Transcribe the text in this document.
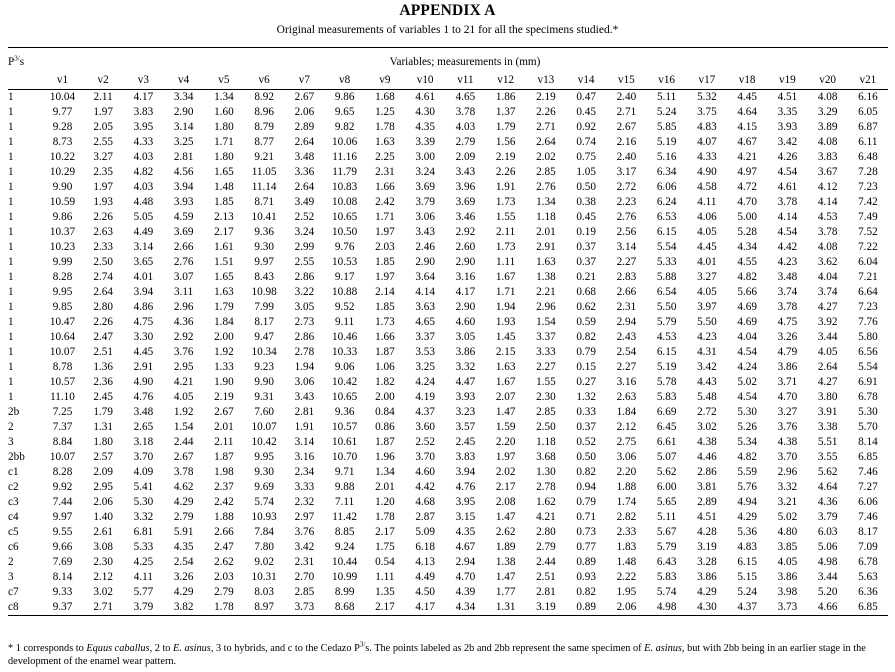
APPENDIX A
Original measurements of variables 1 to 21 for all the specimens studied.*
$P^{3/}s$	Variables; measurements in (mm)																				
	v1	v2	v3	v4	v5	v6	v7	v8	v9	v10	v11	v12	v13	v14	v15	v16	v17	v18	v19	v20	v21
1	10.04	2.11	4.17	3.34	1.34	8.92	2.67	9.86	1.68	4.61	4.65	1.86	2.19	0.47	2.40	5.11	5.32	4.45	4.51	4.08	6.16
1	9.77	1.97	3.83	2.90	1.60	8.96	2.06	9.65	1.25	4.30	3.78	1.37	2.26	0.45	2.71	5.24	3.75	4.64	3.35	3.29	6.05
1	9.28	2.05	3.95	3.14	1.80	8.79	2.89	9.82	1.78	4.35	4.03	1.79	2.71	0.92	2.67	5.85	4.83	4.15	3.93	3.89	6.87
1	8.73	2.55	4.33	3.25	1.71	8.77	2.64	10.06	1.63	3.39	2.79	1.56	2.64	0.74	2.16	5.19	4.07	4.67	3.42	4.08	6.11
1	10.22	3.27	4.03	2.81	1.80	9.21	3.48	11.16	2.25	3.00	2.09	2.19	2.02	0.75	2.40	5.16	4.33	4.21	4.26	3.83	6.48
1	10.29	2.35	4.82	4.56	1.65	11.05	3.36	11.79	2.31	3.24	3.43	2.26	2.85	1.05	3.17	6.34	4.90	4.97	4.54	3.67	7.28
1	9.90	1.97	4.03	3.94	1.48	11.14	2.64	10.83	1.66	3.69	3.96	1.91	2.76	0.50	2.72	6.06	4.58	4.72	4.61	4.12	7.23
1	10.59	1.93	4.48	3.93	1.85	8.71	3.49	10.08	2.42	3.79	3.69	1.73	1.34	0.38	2.23	6.24	4.11	4.70	3.78	4.14	7.42
1	9.86	2.26	5.05	4.59	2.13	10.41	2.52	10.65	1.71	3.06	3.46	1.55	1.18	0.45	2.76	6.53	4.06	5.00	4.14	4.53	7.49
1	10.37	2.63	4.49	3.69	2.17	9.36	3.24	10.50	1.97	3.43	2.92	2.11	2.01	0.19	2.56	6.15	4.05	5.28	4.54	3.78	7.52
1	10.23	2.33	3.14	2.66	1.61	9.30	2.99	9.76	2.03	2.46	2.60	1.73	2.91	0.37	3.14	5.54	4.45	4.34	4.42	4.08	7.22
1	9.99	2.50	3.65	2.76	1.51	9.97	2.55	10.53	1.85	2.90	2.90	1.11	1.63	0.37	2.27	5.33	4.01	4.55	4.23	3.62	6.04
1	8.28	2.74	4.01	3.07	1.65	8.43	2.86	9.17	1.97	3.64	3.16	1.67	1.38	0.21	2.83	5.88	3.27	4.82	3.48	4.04	7.21
1	9.95	2.64	3.94	3.11	1.63	10.98	3.22	10.88	2.14	4.14	4.17	1.71	2.21	0.68	2.66	6.54	4.05	5.66	3.74	3.74	6.64
1	9.85	2.80	4.86	2.96	1.79	7.99	3.05	9.52	1.85	3.63	2.90	1.94	2.96	0.62	2.31	5.50	3.97	4.69	3.78	4.27	7.23
1	10.47	2.26	4.75	4.36	1.84	8.17	2.73	9.11	1.73	4.65	4.60	1.93	1.54	0.59	2.94	5.79	5.50	4.69	4.75	3.92	7.76
1	10.64	2.47	3.30	2.92	2.00	9.47	2.86	10.46	1.66	3.37	3.05	1.45	3.37	0.82	2.43	4.53	4.23	4.04	3.26	3.44	5.80
1	10.07	2.51	4.45	3.76	1.92	10.34	2.78	10.33	1.87	3.53	3.86	2.15	3.33	0.79	2.54	6.15	4.31	4.54	4.79	4.05	6.56
1	8.78	1.36	2.91	2.95	1.33	9.23	1.94	9.06	1.06	3.25	3.32	1.63	2.27	0.15	2.27	5.19	3.42	4.24	3.86	2.64	5.54
1	10.57	2.36	4.90	4.21	1.90	9.90	3.06	10.42	1.82	4.24	4.47	1.67	1.55	0.27	3.16	5.78	4.43	5.02	3.71	4.27	6.91
1	11.10	2.45	4.76	4.05	2.19	9.31	3.43	10.65	2.00	4.19	3.93	2.07	2.30	1.32	2.63	5.83	5.48	4.54	4.70	3.80	6.78
2b	7.25	1.79	3.48	1.92	2.67	7.60	2.81	9.36	0.84	4.37	3.23	1.47	2.85	0.33	1.84	6.69	2.72	5.30	3.27	3.91	5.30
2	7.37	1.31	2.65	1.54	2.01	10.07	1.91	10.57	0.86	3.60	3.57	1.59	2.50	0.37	2.12	6.45	3.02	5.26	3.76	3.38	5.70
3	8.84	1.80	3.18	2.44	2.11	10.42	3.14	10.61	1.87	2.52	2.45	2.20	1.18	0.52	2.75	6.61	4.38	5.34	4.38	5.51	8.14
2bb	10.07	2.57	3.70	2.67	1.87	9.95	3.16	10.70	1.96	3.70	3.83	1.97	3.68	0.50	3.06	5.07	4.46	4.82	3.70	3.55	6.85
c1	8.28	2.09	4.09	3.78	1.98	9.30	2.34	9.71	1.34	4.60	3.94	2.02	1.30	0.82	2.20	5.62	2.86	5.59	2.96	5.62	7.46
c2	9.92	2.95	5.41	4.62	2.37	9.69	3.33	9.88	2.01	4.42	4.76	2.17	2.78	0.94	1.88	6.00	3.81	5.76	3.32	4.64	7.27
c3	7.44	2.06	5.30	4.29	2.42	5.74	2.32	7.11	1.20	4.68	3.95	2.08	1.62	0.79	1.74	5.65	2.89	4.94	3.21	4.36	6.06
c4	9.97	1.40	3.32	2.79	1.88	10.93	2.97	11.42	1.78	2.87	3.15	1.47	4.21	0.71	2.82	5.11	4.51	4.29	5.02	3.79	7.46
c5	9.55	2.61	6.81	5.91	2.66	7.84	3.76	8.85	2.17	5.09	4.35	2.62	2.80	0.73	2.33	5.67	4.28	5.36	4.80	6.03	8.17
c6	9.66	3.08	5.33	4.35	2.47	7.80	3.42	9.24	1.75	6.18	4.67	1.89	2.79	0.77	1.83	5.79	3.19	4.83	3.85	5.06	7.09
2	7.69	2.30	4.25	2.54	2.62	9.02	2.31	10.44	0.54	4.13	2.94	1.38	2.44	0.89	1.48	6.43	3.28	6.15	4.05	4.98	6.78
3	8.14	2.12	4.11	3.26	2.03	10.31	2.70	10.99	1.11	4.49	4.70	1.47	2.51	0.93	2.22	5.83	3.86	5.15	3.86	3.44	5.63
c7	9.33	3.02	5.77	4.29	2.79	8.03	2.85	8.99	1.35	4.50	4.39	1.77	2.81	0.82	1.95	5.74	4.29	5.24	3.98	5.20	6.36
c8	9.37	2.71	3.79	3.82	1.78	8.97	3.73	8.68	2.17	4.17	4.34	1.31	3.19	0.89	2.06	4.98	4.30	4.37	3.73	4.66	6.85
* 1 corresponds to Equus caballus, 2 to E. asinus, 3 to hybrids, and c to the Cedazo $P^{3/}s$. The points labeled as 2b and 2bb represent the same specimen of E. asinus, but with 2bb being in an earlier stage in the development of the enamel wear pattern.
